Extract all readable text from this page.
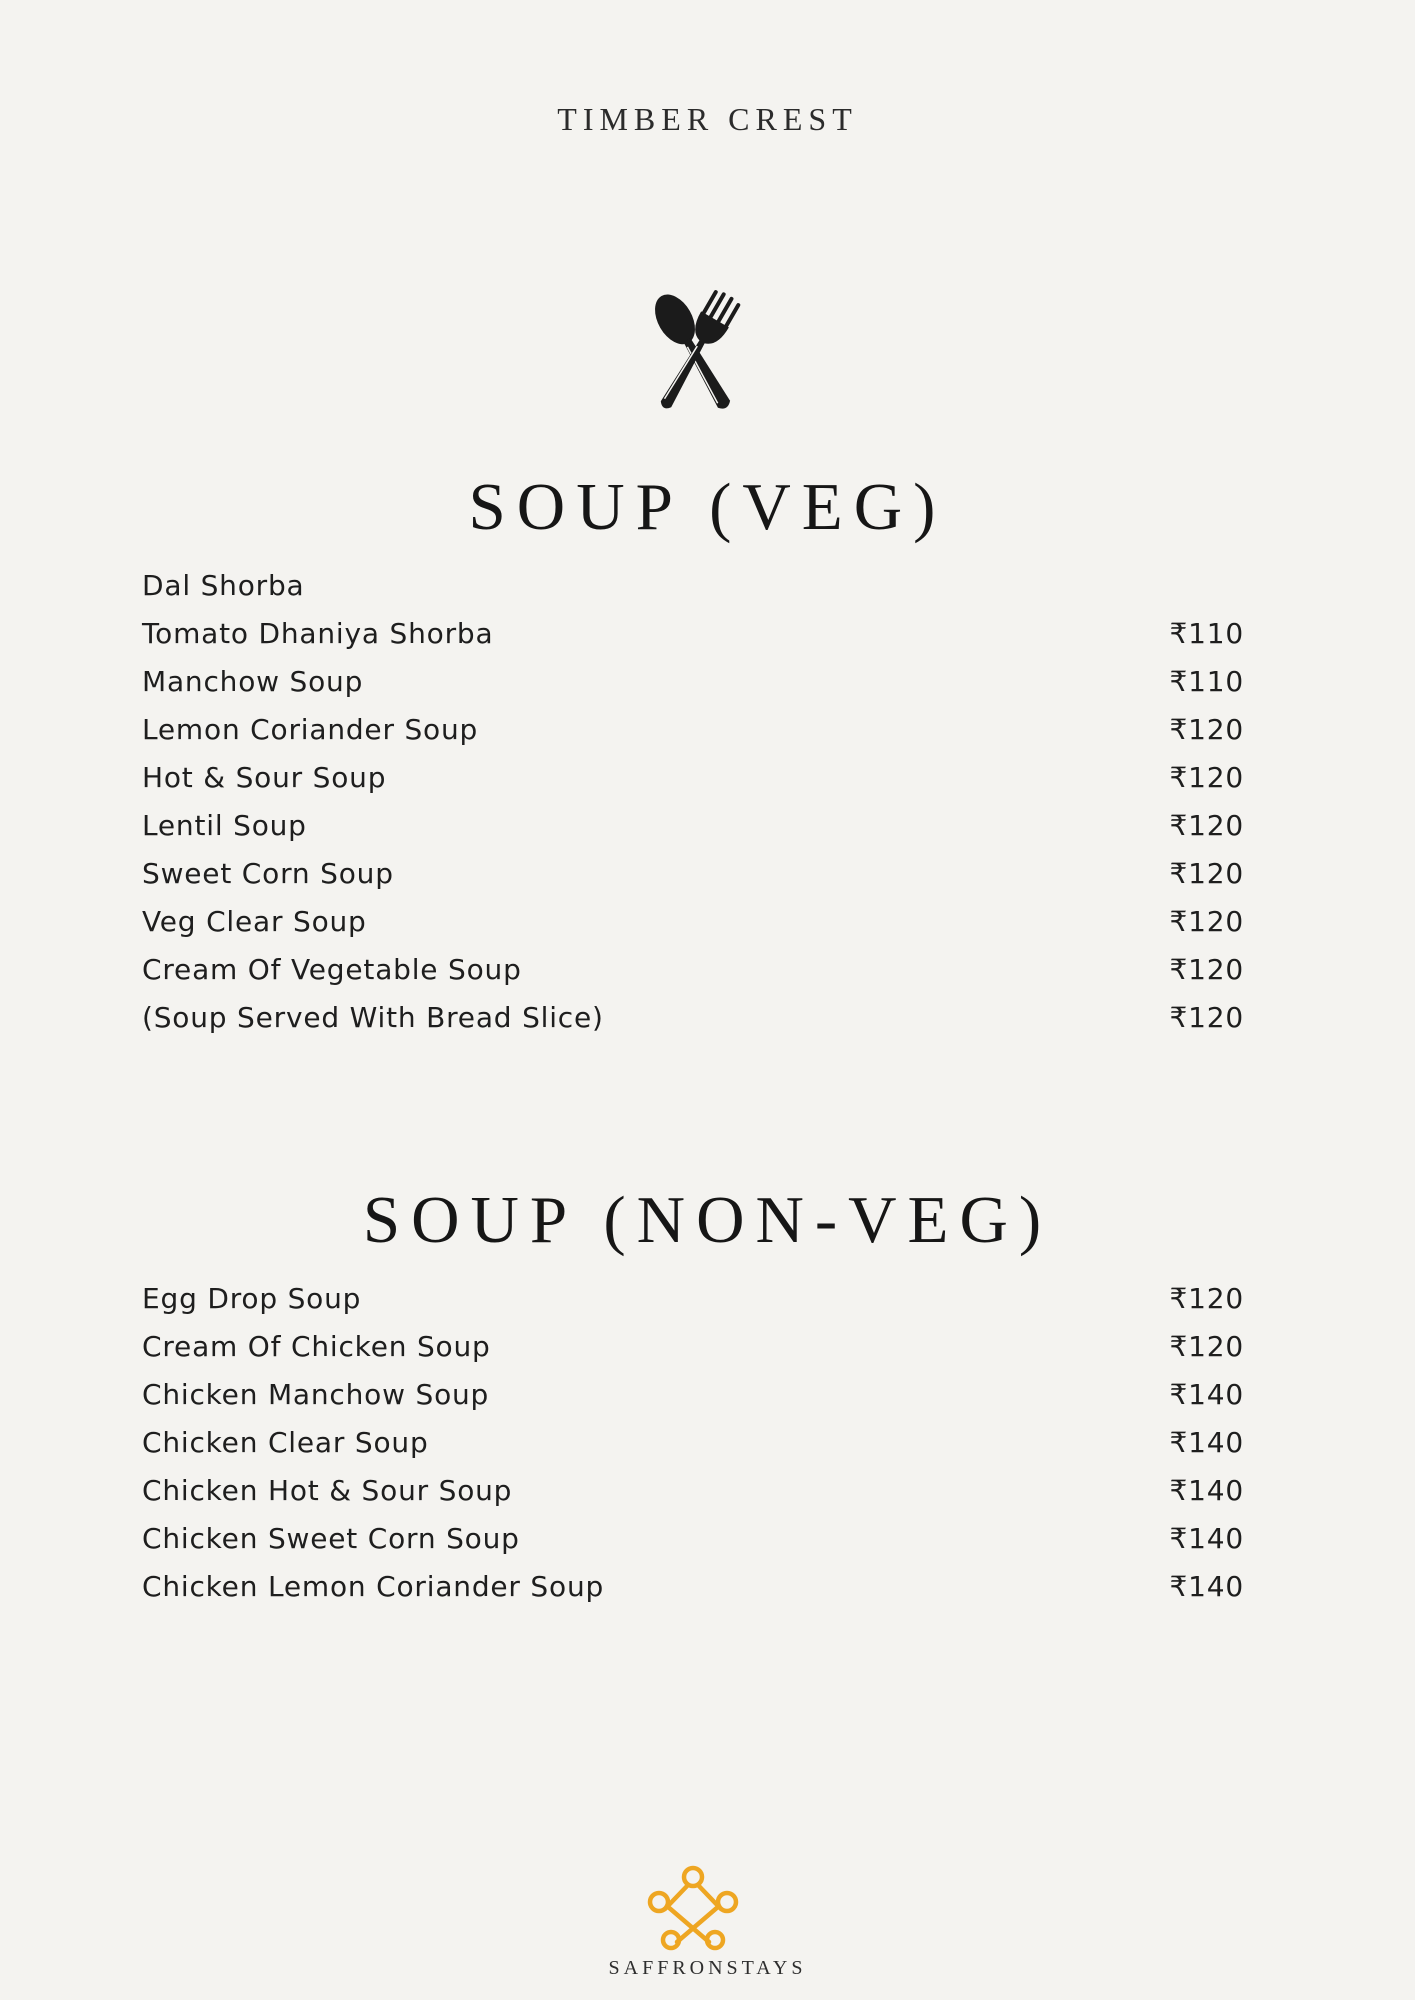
TIMBER CREST
SOUP (VEG)
Dal Shorba
Tomato Dhaniya Shorba	₹110
Manchow Soup	₹110
Lemon Coriander Soup	₹120
Hot & Sour Soup	₹120
Lentil Soup	₹120
Sweet Corn Soup	₹120
Veg Clear Soup	₹120
Cream Of Vegetable Soup	₹120
(Soup Served With Bread Slice)	₹120
SOUP (NON-VEG)
Egg Drop Soup	₹120
Cream Of Chicken Soup	₹120
Chicken Manchow Soup	₹140
Chicken Clear Soup	₹140
Chicken Hot & Sour Soup	₹140
Chicken Sweet Corn Soup	₹140
Chicken Lemon Coriander Soup	₹140
SAFFRONSTAYS
